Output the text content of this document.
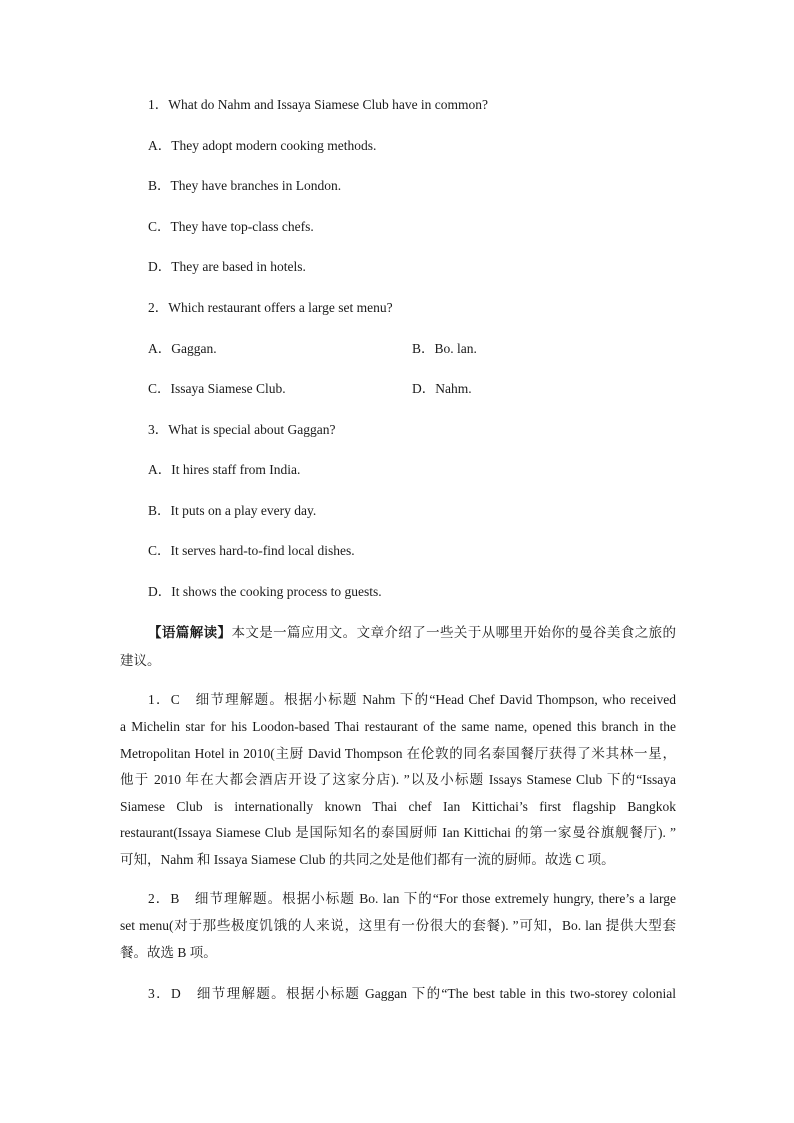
1．What do Nahm and Issaya Siamese Club have in common?
A．They adopt modern cooking methods.
B．They have branches in London.
C．They have top-class chefs.
D．They are based in hotels.
2．Which restaurant offers a large set menu?
A．Gaggan.	B．Bo. lan.
C．Issaya Siamese Club.	D．Nahm.
3．What is special about Gaggan?
A．It hires staff from India.
B．It puts on a play every day.
C．It serves hard-to-find local dishes.
D．It shows the cooking process to guests.
【语篇解读】本文是一篇应用文。文章介绍了一些关于从哪里开始你的曼谷美食之旅的
建议。
1．C　细节理解题。根据小标题 Nahm 下的“Head Chef David Thompson, who received
a Michelin star for his Loodon-based Thai restaurant of the same name, opened this branch in the
Metropolitan Hotel in 2010(主厨 David Thompson 在伦敦的同名泰国餐厅获得了米其林一星，
他于 2010 年在大都会酒店开设了这家分店). ”以及小标题 Issays Stamese Club 下的“Issaya
Siamese Club is internationally known Thai chef Ian Kittichai’s first flagship Bangkok
restaurant(Issaya Siamese Club 是国际知名的泰国厨师 Ian Kittichai 的第一家曼谷旗舰餐厅). ”
可知，Nahm 和 Issaya Siamese Club 的共同之处是他们都有一流的厨师。故选 C 项。
2．B　细节理解题。根据小标题 Bo. lan 下的“For those extremely hungry, there’s a large
set menu(对于那些极度饥饿的人来说，这里有一份很大的套餐). ”可知，Bo. lan 提供大型套
餐。故选 B 项。
3．D　细节理解题。根据小标题 Gaggan 下的“The best table in this two-storey colonial
